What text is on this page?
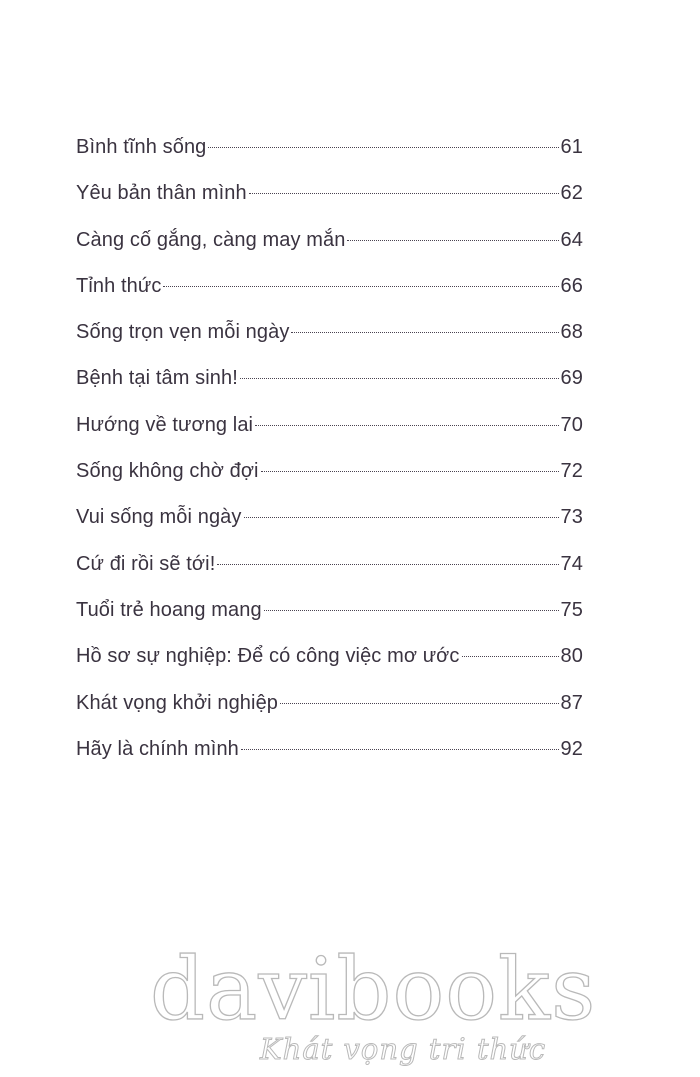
Bình tĩnh sống	61
Yêu bản thân mình	62
Càng cố gắng, càng may mắn	64
Tỉnh thức	66
Sống trọn vẹn mỗi ngày	68
Bệnh tại tâm sinh!	69
Hướng về tương lai	70
Sống không chờ đợi	72
Vui sống mỗi ngày	73
Cứ đi rồi sẽ tới!	74
Tuổi trẻ hoang mang	75
Hồ sơ sự nghiệp: Để có công việc mơ ước	80
Khát vọng khởi nghiệp	87
Hãy là chính mình	92
davibooks
Khát vọng tri thức
